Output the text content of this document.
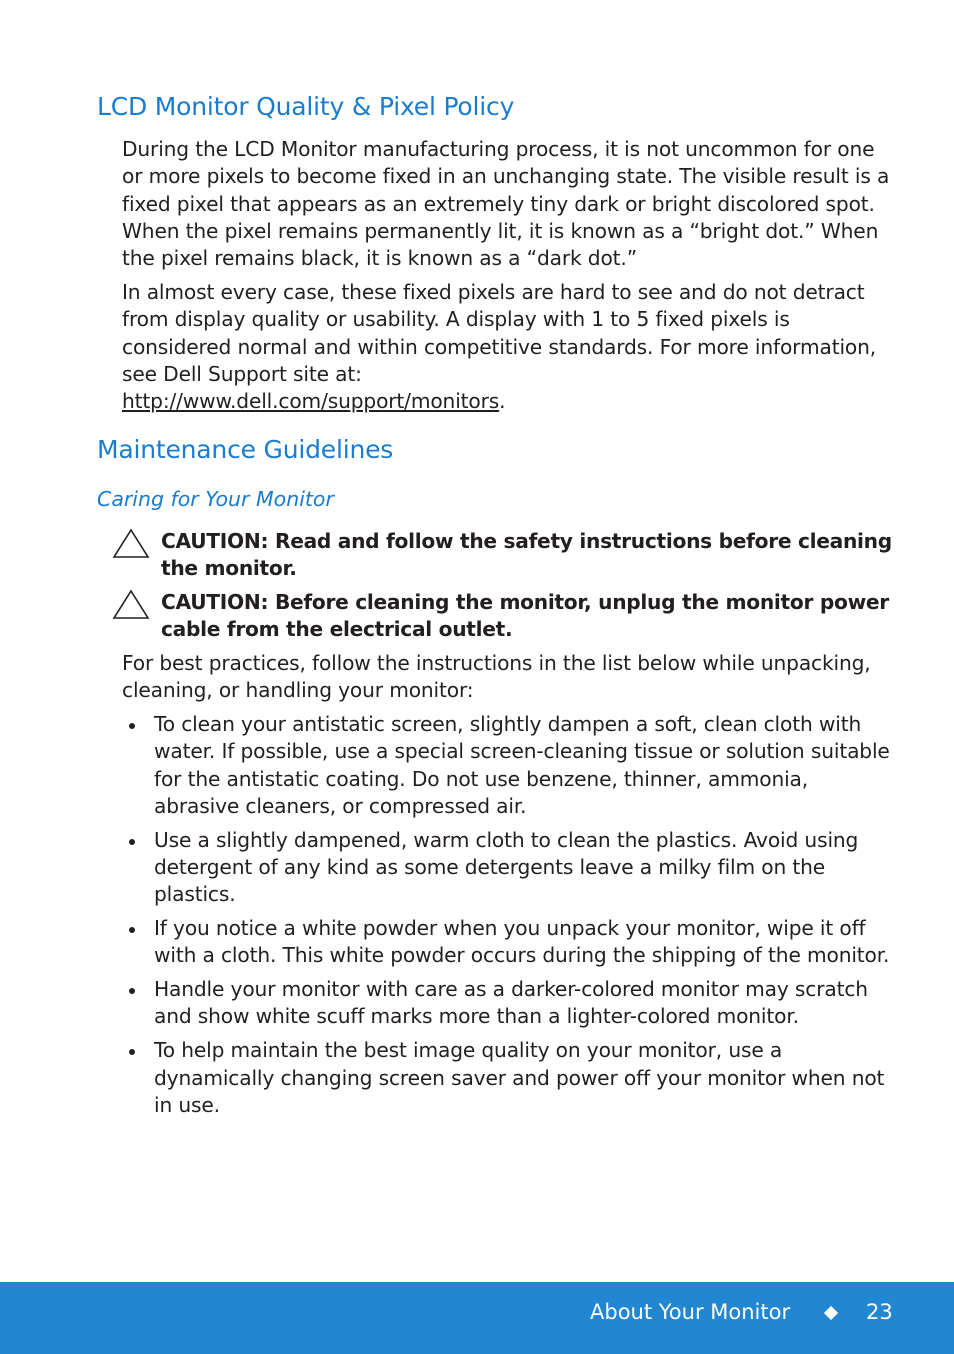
LCD Monitor Quality & Pixel Policy

During the LCD Monitor manufacturing process, it is not uncommon for one or more pixels to become fixed in an unchanging state. The visible result is a fixed pixel that appears as an extremely tiny dark or bright discolored spot. When the pixel remains permanently lit, it is known as a “bright dot.” When the pixel remains black, it is known as a “dark dot.”

In almost every case, these fixed pixels are hard to see and do not detract from display quality or usability. A display with 1 to 5 fixed pixels is considered normal and within competitive standards. For more information, see Dell Support site at:
http://www.dell.com/support/monitors.

Maintenance Guidelines
Caring for Your Monitor

CAUTION: Read and follow the safety instructions before cleaning the monitor.

CAUTION: Before cleaning the monitor, unplug the monitor power cable from the electrical outlet.

For best practices, follow the instructions in the list below while unpacking, cleaning, or handling your monitor:

To clean your antistatic screen, slightly dampen a soft, clean cloth with water. If possible, use a special screen-cleaning tissue or solution suitable for the antistatic coating. Do not use benzene, thinner, ammonia, abrasive cleaners, or compressed air.
Use a slightly dampened, warm cloth to clean the plastics. Avoid using detergent of any kind as some detergents leave a milky film on the plastics.
If you notice a white powder when you unpack your monitor, wipe it off with a cloth. This white powder occurs during the shipping of the monitor.
Handle your monitor with care as a darker-colored monitor may scratch and show white scuff marks more than a lighter-colored monitor.
To help maintain the best image quality on your monitor, use a dynamically changing screen saver and power off your monitor when not in use.
About Your Monitor	23
